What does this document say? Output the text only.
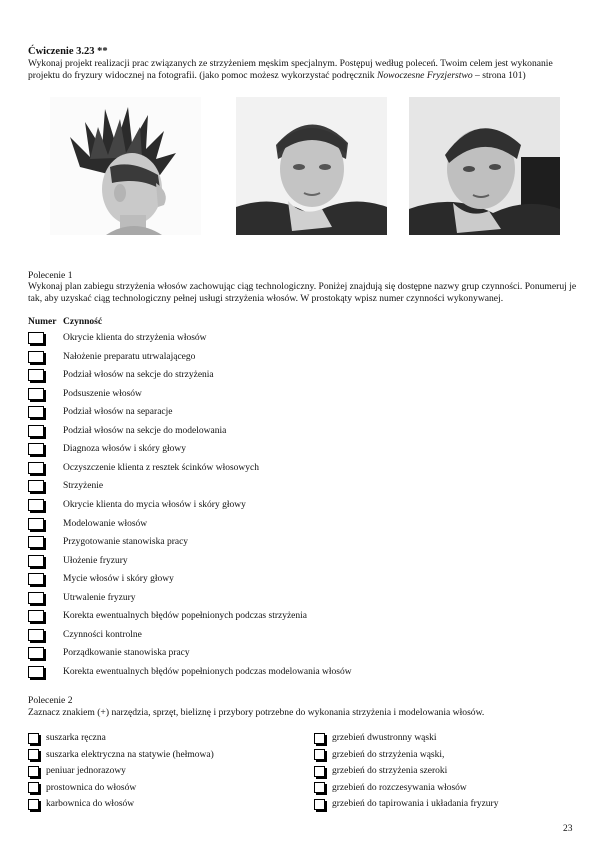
Ćwiczenie 3.23 **
Wykonaj projekt realizacji prac związanych ze strzyżeniem męskim specjalnym. Postępuj według poleceń. Twoim celem jest wykonanie projektu do fryzury widocznej na fotografii. (jako pomoc możesz wykorzystać podręcznik Nowoczesne Fryzjerstwo – strona 101)
Polecenie 1
Wykonaj plan zabiegu strzyżenia włosów zachowując ciąg technologiczny. Poniżej znajdują się dostępne nazwy grup czynności. Ponumeruj je tak, aby uzyskać ciąg technologiczny pełnej usługi strzyżenia włosów. W prostokąty wpisz numer czynności wykonywanej.
Numer Czynność
Okrycie klienta do strzyżenia włosów
Nałożenie preparatu utrwalającego
Podział włosów na sekcje do strzyżenia
Podsuszenie włosów
Podział włosów na separacje
Podział włosów na sekcje do modelowania
Diagnoza włosów i skóry głowy
Oczyszczenie klienta z resztek ścinków włosowych
Strzyżenie
Okrycie klienta do mycia włosów i skóry głowy
Modelowanie włosów
Przygotowanie stanowiska pracy
Ułożenie fryzury
Mycie włosów i skóry głowy
Utrwalenie fryzury
Korekta ewentualnych błędów popełnionych podczas strzyżenia
Czynności kontrolne
Porządkowanie stanowiska pracy
Korekta ewentualnych błędów popełnionych podczas modelowania włosów
Polecenie 2
Zaznacz znakiem (+) narzędzia, sprzęt, bieliznę i przybory potrzebne do wykonania strzyżenia i modelowania włosów.
suszarka ręczna
suszarka elektryczna na statywie (hełmowa)
peniuar jednorazowy
prostownica do włosów
karbownica do włosów
grzebień dwustronny wąski
grzebień do strzyżenia wąski,
grzebień do strzyżenia szeroki
grzebień do rozczesywania włosów
grzebień do tapirowania i układania fryzury
23
